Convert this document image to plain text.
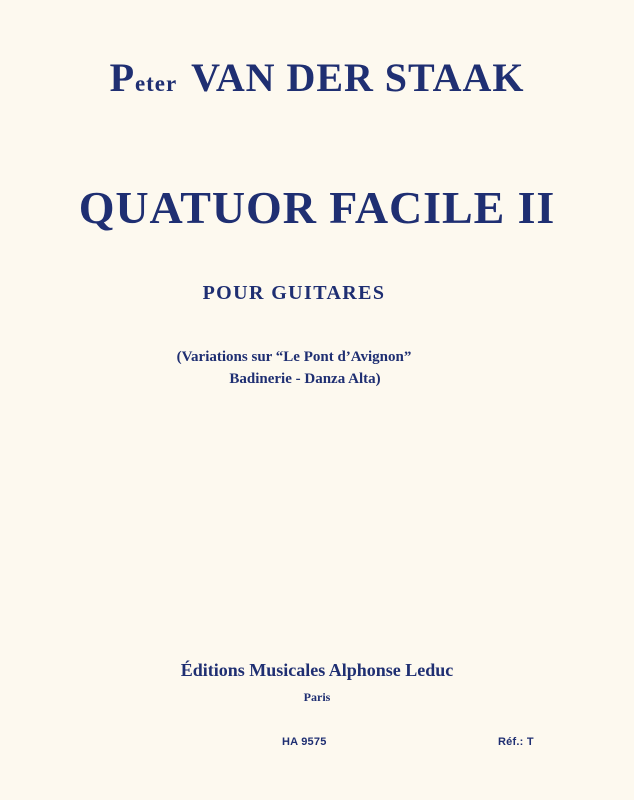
Peter VAN DER STAAK
QUATUOR FACILE II
POUR GUITARES
(Variations sur “Le Pont d’Avignon”
Badinerie - Danza Alta)
Éditions Musicales Alphonse Leduc
Paris
HA 9575	Réf.: T
